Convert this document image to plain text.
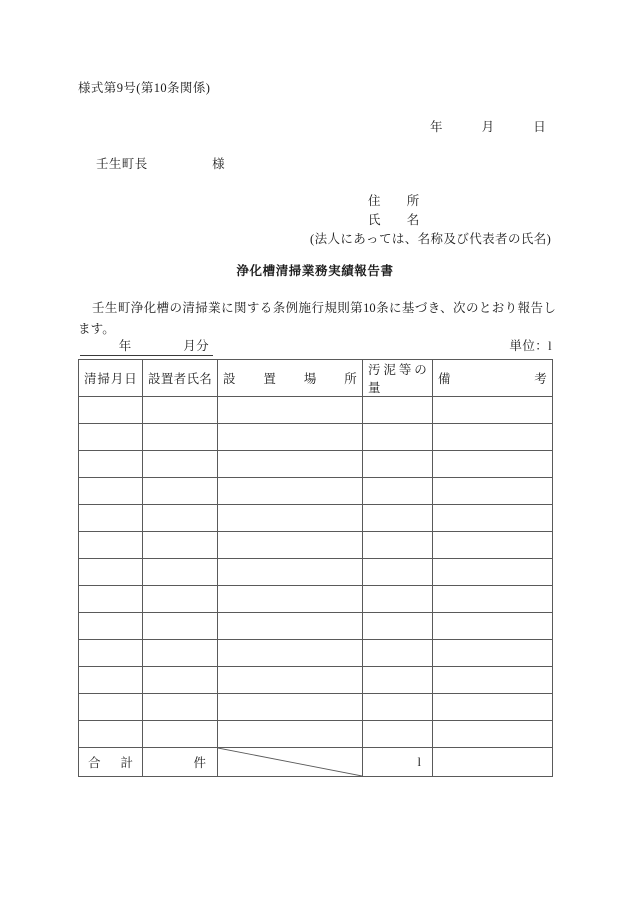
様式第9号(第10条関係)
年　　　月　　　日
壬生町長　　　　　様
住　　所
氏　　名
(法人にあっては、名称及び代表者の氏名)
浄化槽清掃業務実績報告書
壬生町浄化槽の清掃業に関する条例施行規則第10条に基づき、次のとおり報告します。
　　　年　　　　月分	単位：l
清掃月日	設置者氏名	設置場所	汚泥等の量	備考

合計	件		l	
